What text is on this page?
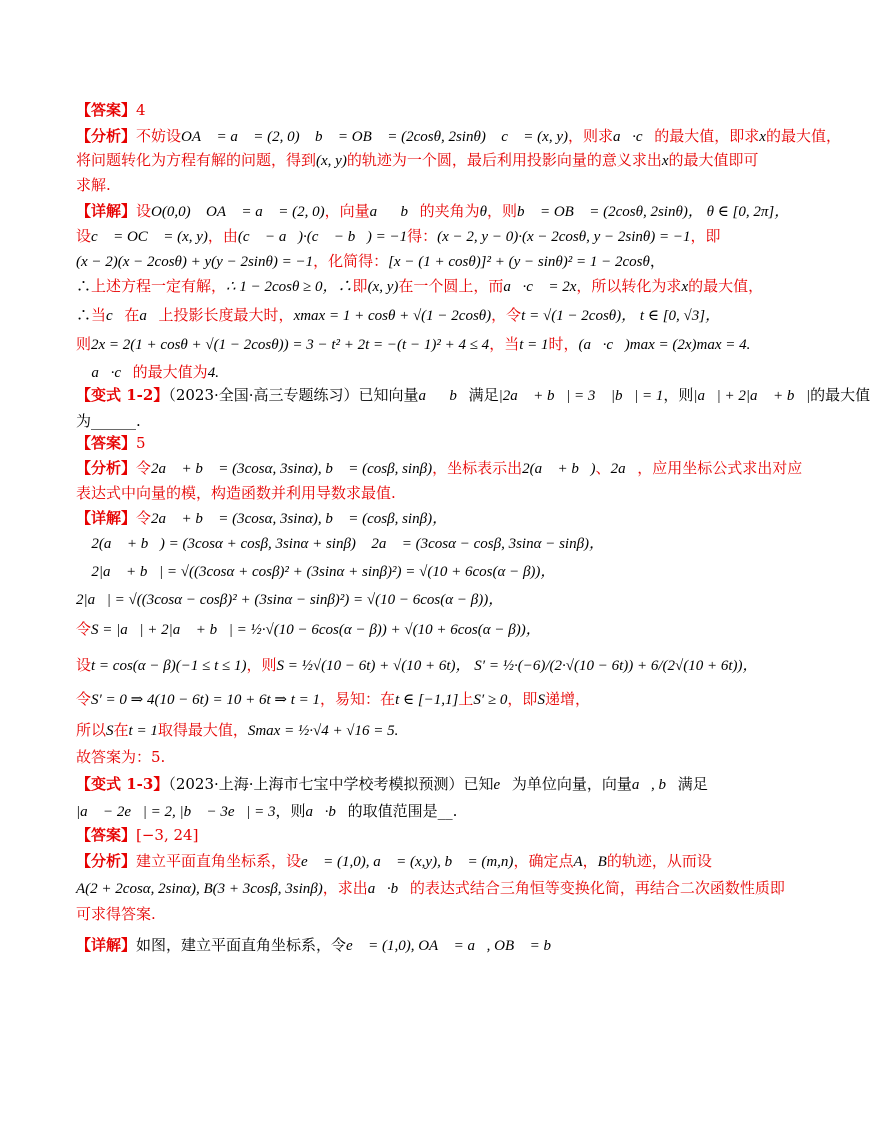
【答案】4
【分析】不妨设OA⃗ = a⃗ = (2, 0)， b⃗ = OB⃗ = (2cosθ, 2sinθ)， c⃗ = (x, y)，则求a⃗·c⃗的最大值，即求x的最大值，
将问题转化为方程有解的问题，得到(x, y)的轨迹为一个圆，最后利用投影向量的意义求出x的最大值即可
求解.
【详解】设O(0,0)， OA⃗ = a⃗ = (2, 0)，向量a⃗，b⃗的夹角为θ，则b⃗ = OB⃗ = (2cosθ, 2sinθ)， θ ∈ [0, 2π]，
设c⃗ = OC⃗ = (x, y)，由(c⃗ − a⃗)·(c⃗ − b⃗) = −1得：(x − 2, y − 0)·(x − 2cosθ, y − 2sinθ) = −1，即
(x − 2)(x − 2cosθ) + y(y − 2sinθ) = −1，化简得：[x − (1 + cosθ)]² + (y − sinθ)² = 1 − 2cosθ，
∴上述方程一定有解，∴ 1 − 2cosθ ≥ 0，∴即(x, y)在一个圆上，而a⃗·c⃗ = 2x，所以转化为求x的最大值，
∴当c⃗在a⃗上投影长度最大时，xmax = 1 + cosθ + √(1 − 2cosθ)，令t = √(1 − 2cosθ)， t ∈ [0, √3]，
则2x = 2(1 + cosθ + √(1 − 2cosθ)) = 3 − t² + 2t = −(t − 1)² + 4 ≤ 4，当t = 1时，(a⃗·c⃗)max = (2x)max = 4.
∴ a⃗·c⃗的最大值为4.
【变式 1-2】（2023·全国·高三专题练习）已知向量a⃗，b⃗满足|2a⃗ + b⃗| = 3， |b⃗| = 1，则|a⃗| + 2|a⃗ + b⃗|的最大值
为______.
【答案】5
【分析】令2a⃗ + b⃗ = (3cosα, 3sinα), b⃗ = (cosβ, sinβ)，坐标表示出2(a⃗ + b⃗)、2a⃗，应用坐标公式求出对应
表达式中向量的模，构造函数并利用导数求最值.
【详解】令2a⃗ + b⃗ = (3cosα, 3sinα), b⃗ = (cosβ, sinβ)，
∴ 2(a⃗ + b⃗) = (3cosα + cosβ, 3sinα + sinβ)， 2a⃗ = (3cosα − cosβ, 3sinα − sinβ)，
∴ 2|a⃗ + b⃗| = √((3cosα + cosβ)² + (3sinα + sinβ)²) = √(10 + 6cos(α − β))，
2|a⃗| = √((3cosα − cosβ)² + (3sinα − sinβ)²) = √(10 − 6cos(α − β))，
令S = |a⃗| + 2|a⃗ + b⃗| = ½·√(10 − 6cos(α − β)) + √(10 + 6cos(α − β))，
设t = cos(α − β)(−1 ≤ t ≤ 1)，则S = ½√(10 − 6t) + √(10 + 6t)， S′ = ½·(−6)/(2·√(10 − 6t)) + 6/(2√(10 + 6t))，
令S′ = 0 ⇒ 4(10 − 6t) = 10 + 6t ⇒ t = 1，易知：在t ∈ [−1,1]上S′ ≥ 0，即S递增，
所以S在t = 1取得最大值，Smax = ½·√4 + √16 = 5.
故答案为：5.
【变式 1-3】（2023·上海·上海市七宝中学校考模拟预测）已知e⃗为单位向量，向量a⃗, b⃗满足
|a⃗ − 2e⃗| = 2, |b⃗ − 3e⃗| = 3，则a⃗·b⃗的取值范围是__.
【答案】[−3, 24]
【分析】建立平面直角坐标系，设e⃗ = (1,0), a⃗ = (x,y), b⃗ = (m,n)，确定点A，B的轨迹，从而设
A(2 + 2cosα, 2sinα), B(3 + 3cosβ, 3sinβ)，求出a⃗·b⃗的表达式结合三角恒等变换化简，再结合二次函数性质即
可求得答案.
【详解】如图，建立平面直角坐标系，令e⃗ = (1,0), OA⃗ = a⃗, OB⃗ = b⃗，
